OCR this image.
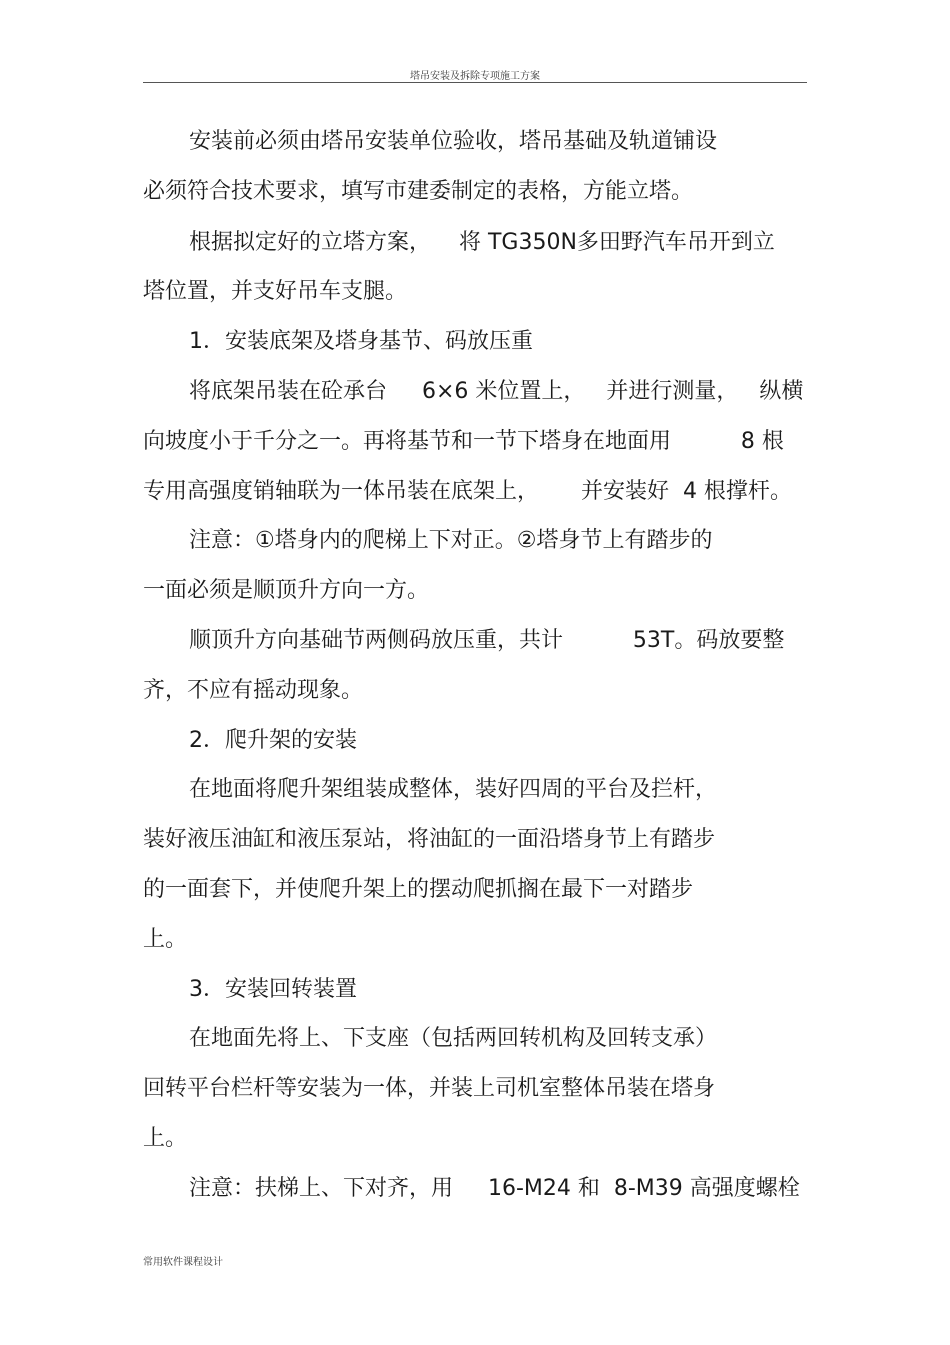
塔吊安装及拆除专项施工方案
安装前必须由塔吊安装单位验收，塔吊基础及轨道铺设
必须符合技术要求，填写市建委制定的表格，方能立塔。
根据拟定好的立塔方案，    将 TG350N多田野汽车吊开到立
塔位置，并支好吊车支腿。
1．安装底架及塔身基节、码放压重
将底架吊装在砼承台     6×6 米位置上，   并进行测量，   纵横
向坡度小于千分之一。再将基节和一节下塔身在地面用          8 根
专用高强度销轴联为一体吊装在底架上，      并安装好  4 根撑杆。
注意：①塔身内的爬梯上下对正。②塔身节上有踏步的
一面必须是顺顶升方向一方。
顺顶升方向基础节两侧码放压重，共计          53T。码放要整
齐，不应有摇动现象。
2．爬升架的安装
在地面将爬升架组装成整体，装好四周的平台及拦杆，
装好液压油缸和液压泵站，将油缸的一面沿塔身节上有踏步
的一面套下，并使爬升架上的摆动爬抓搁在最下一对踏步
上。
3．安装回转装置
在地面先将上、下支座（包括两回转机构及回转支承）
回转平台栏杆等安装为一体，并装上司机室整体吊装在塔身
上。
注意：扶梯上、下对齐，用     16-M24 和  8-M39 高强度螺栓
常用软件课程设计
